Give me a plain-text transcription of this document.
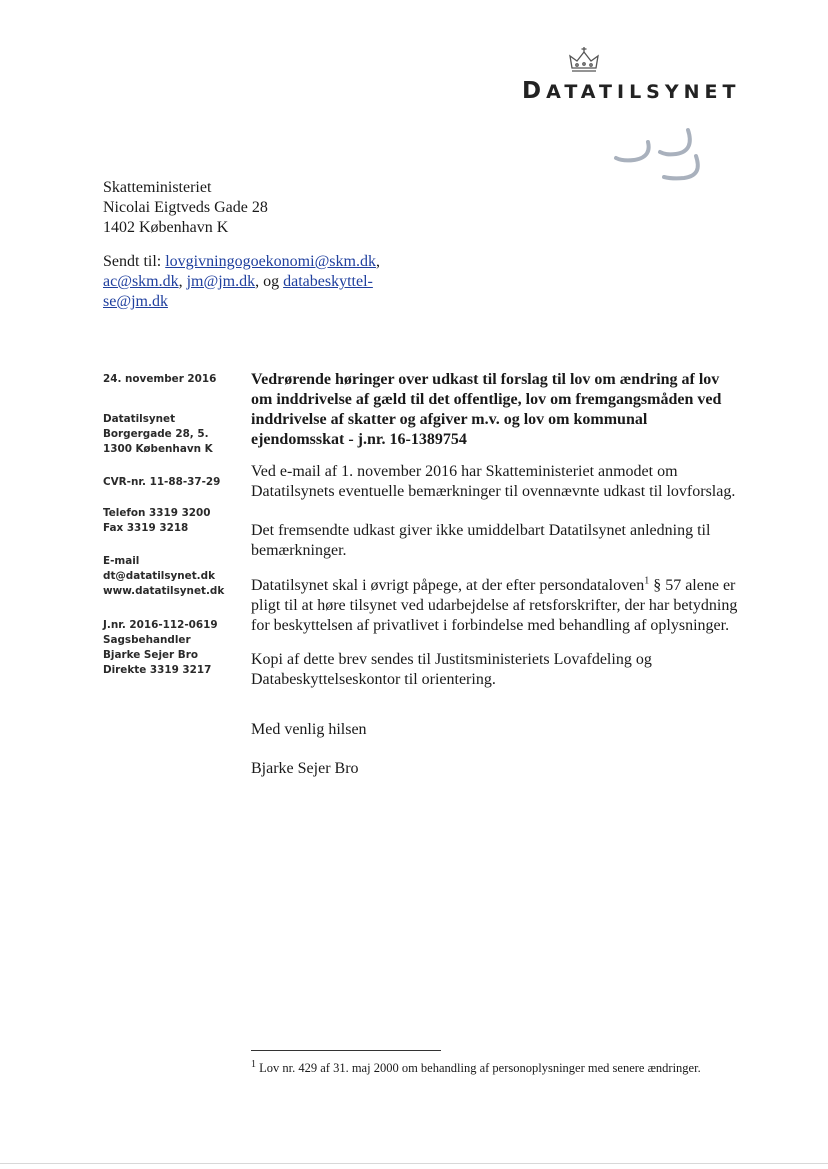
DATATILSYNET
Skatteministeriet
Nicolai Eigtveds Gade 28
1402 København K
Sendt til: lovgivningogoekonomi@skm.dk,
ac@skm.dk, jm@jm.dk, og databeskyttel-
se@jm.dk
24. november 2016
Datatilsynet
Borgergade 28, 5.
1300 København K
CVR-nr. 11-88-37-29
Telefon 3319 3200
Fax 3319 3218
E-mail
dt@datatilsynet.dk
www.datatilsynet.dk
J.nr. 2016-112-0619
Sagsbehandler
Bjarke Sejer Bro
Direkte 3319 3217

Vedrørende høringer over udkast til forslag til lov om ændring af lov om inddrivelse af gæld til det offentlige, lov om fremgangsmåden ved inddrivelse af skatter og afgiver m.v. og lov om kommunal ejendomsskat - j.nr. 16-1389754

Ved e-mail af 1. november 2016 har Skatteministeriet anmodet om Datatilsynets eventuelle bemærkninger til ovennævnte udkast til lovforslag.

Det fremsendte udkast giver ikke umiddelbart Datatilsynet anledning til bemærkninger.

Datatilsynet skal i øvrigt påpege, at der efter persondataloven$^1$ § 57 alene er pligt til at høre tilsynet ved udarbejdelse af retsforskrifter, der har betydning for beskyttelsen af privatlivet i forbindelse med behandling af oplysninger.

Kopi af dette brev sendes til Justitsministeriets Lovafdeling og Databeskyttelseskontor til orientering.

Med venlig hilsen

Bjarke Sejer Bro

$^1$ Lov nr. 429 af 31. maj 2000 om behandling af personoplysninger med senere ændringer.
